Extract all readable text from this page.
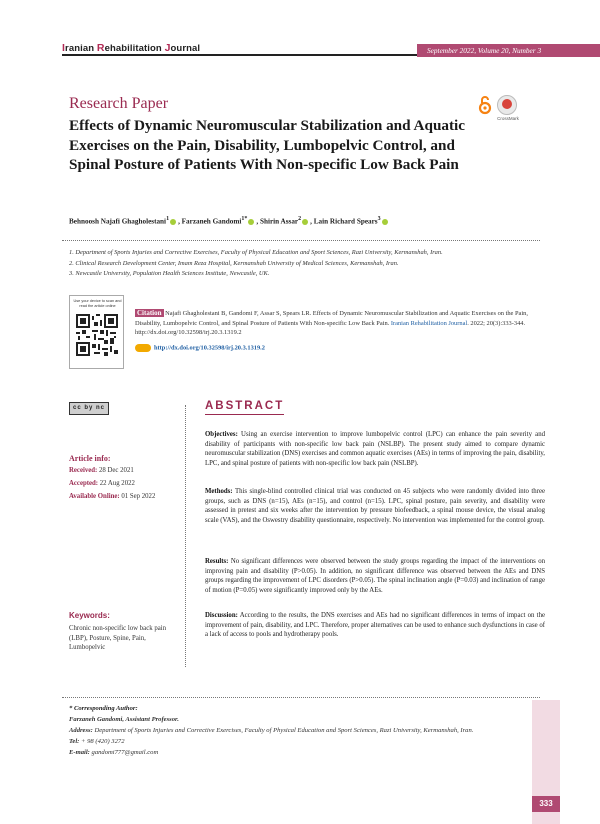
Iranian Rehabilitation Journal	September 2022, Volume 20, Number 3
Research Paper
Effects of Dynamic Neuromuscular Stabilization and Aquatic Exercises on the Pain, Disability, Lumbopelvic Control, and Spinal Posture of Patients With Non-specific Low Back Pain
CrossMark
Behnoosh Najafi Ghagholestani$^1$ , Farzaneh Gandomi$^{1*}$ , Shirin Assar$^2$ , Lain Richard Spears$^3$
1. Department of Sports Injuries and Corrective Exercises, Faculty of Physical Education and Sport Sciences, Razi University, Kermanshah, Iran.
2. Clinical Research Development Center, Imam Reza Hospital, Kermanshah University of Medical Sciences, Kermanshah, Iran.
3. Newcastle University, Population Health Sciences Institute, Newcastle, UK.
Use your device to scan and read the article online
Citation Najafi Ghagholestani B, Gandomi F, Assar S, Spears LR. Effects of Dynamic Neuromuscular Stabilization and Aquatic Exercises on the Pain, Disability, Lumbopelvic Control, and Spinal Posture of Patients With Non-specific Low Back Pain. Iranian Rehabilitation Journal. 2022; 20(3):333-344. http://dx.doi.org/10.32598/irj.20.3.1319.2
http://dx.doi.org/10.32598/irj.20.3.1319.2
cc by nc
Article info:
Received: 28 Dec 2021
Accepted: 22 Aug 2022
Available Online: 01 Sep 2022
Keywords:
Chronic non-specific low back pain (LBP), Posture, Spine, Pain, Lumbopelvic
ABSTRACT
Objectives: Using an exercise intervention to improve lumbopelvic control (LPC) can enhance the pain severity and disability of participants with non-specific low back pain (NSLBP). The present study aimed to compare dynamic neuromuscular stabilization (DNS) exercises and common aquatic exercises (AEs) in terms of improving the pain, disability, LPC, and spinal posture of patients with non-specific low back pain (NSLBP).
Methods: This single-blind controlled clinical trial was conducted on 45 subjects who were randomly divided into three groups, such as DNS (n=15), AEs (n=15), and control (n=15). LPC, spinal posture, pain severity, and disability were assessed in pretest and six weeks after the intervention by pressure biofeedback, a spinal mouse device, the visual analog scale (VAS), and the Oswestry disability questionnaire, respectively. No intervention was implemented for the control group.
Results: No significant differences were observed between the study groups regarding the impact of the interventions on improving pain and disability (P>0.05). In addition, no significant difference was observed between the AEs and DNS groups regarding the improvement of LPC disorders (P>0.05). The spinal inclination angle (P=0.03) and inclination of range of motion (P=0.05) were significantly improved only by the AEs.
Discussion: According to the results, the DNS exercises and AEs had no significant differences in terms of impact on the improvement of pain, disability, and LPC. Therefore, proper alternatives can be used to enhance such dysfunctions in case of a lack of access to pools and hydrotherapy pools.
* Corresponding Author:
Farzaneh Gandomi, Assistant Professor.
Address: Department of Sports Injuries and Corrective Exercises, Faculty of Physical Education and Sport Sciences, Razi University, Kermanshah, Iran.
Tel: + 98 (420) 3272
E-mail: gandomi777@gmail.com
333
